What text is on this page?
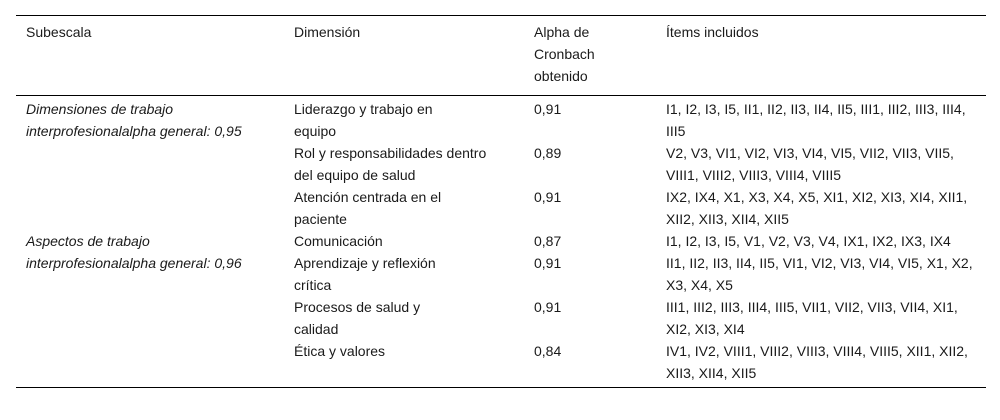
Subescala	Dimensión	Alpha de Cronbach obtenido	Ítems incluidos
Dimensiones de trabajo interprofesionalalpha general: 0,95	Liderazgo y trabajo en equipo	0,91	I1, I2, I3, I5, II1, II2, II3, II4, II5, III1, III2, III3, III4, III5
	Rol y responsabilidades dentro del equipo de salud	0,89	V2, V3, VI1, VI2, VI3, VI4, VI5, VII2, VII3, VII5, VIII1, VIII2, VIII3, VIII4, VIII5
	Atención centrada en el paciente	0,91	IX2, IX4, X1, X3, X4, X5, XI1, XI2, XI3, XI4, XII1, XII2, XII3, XII4, XII5
Aspectos de trabajo interprofesionalalpha general: 0,96	Comunicación	0,87	I1, I2, I3, I5, V1, V2, V3, V4, IX1, IX2, IX3, IX4
	Aprendizaje y reflexión crítica	0,91	II1, II2, II3, II4, II5, VI1, VI2, VI3, VI4, VI5, X1, X2, X3, X4, X5
	Procesos de salud y calidad	0,91	III1, III2, III3, III4, III5, VII1, VII2, VII3, VII4, XI1, XI2, XI3, XI4
	Ética y valores	0,84	IV1, IV2, VIII1, VIII2, VIII3, VIII4, VIII5, XII1, XII2, XII3, XII4, XII5
